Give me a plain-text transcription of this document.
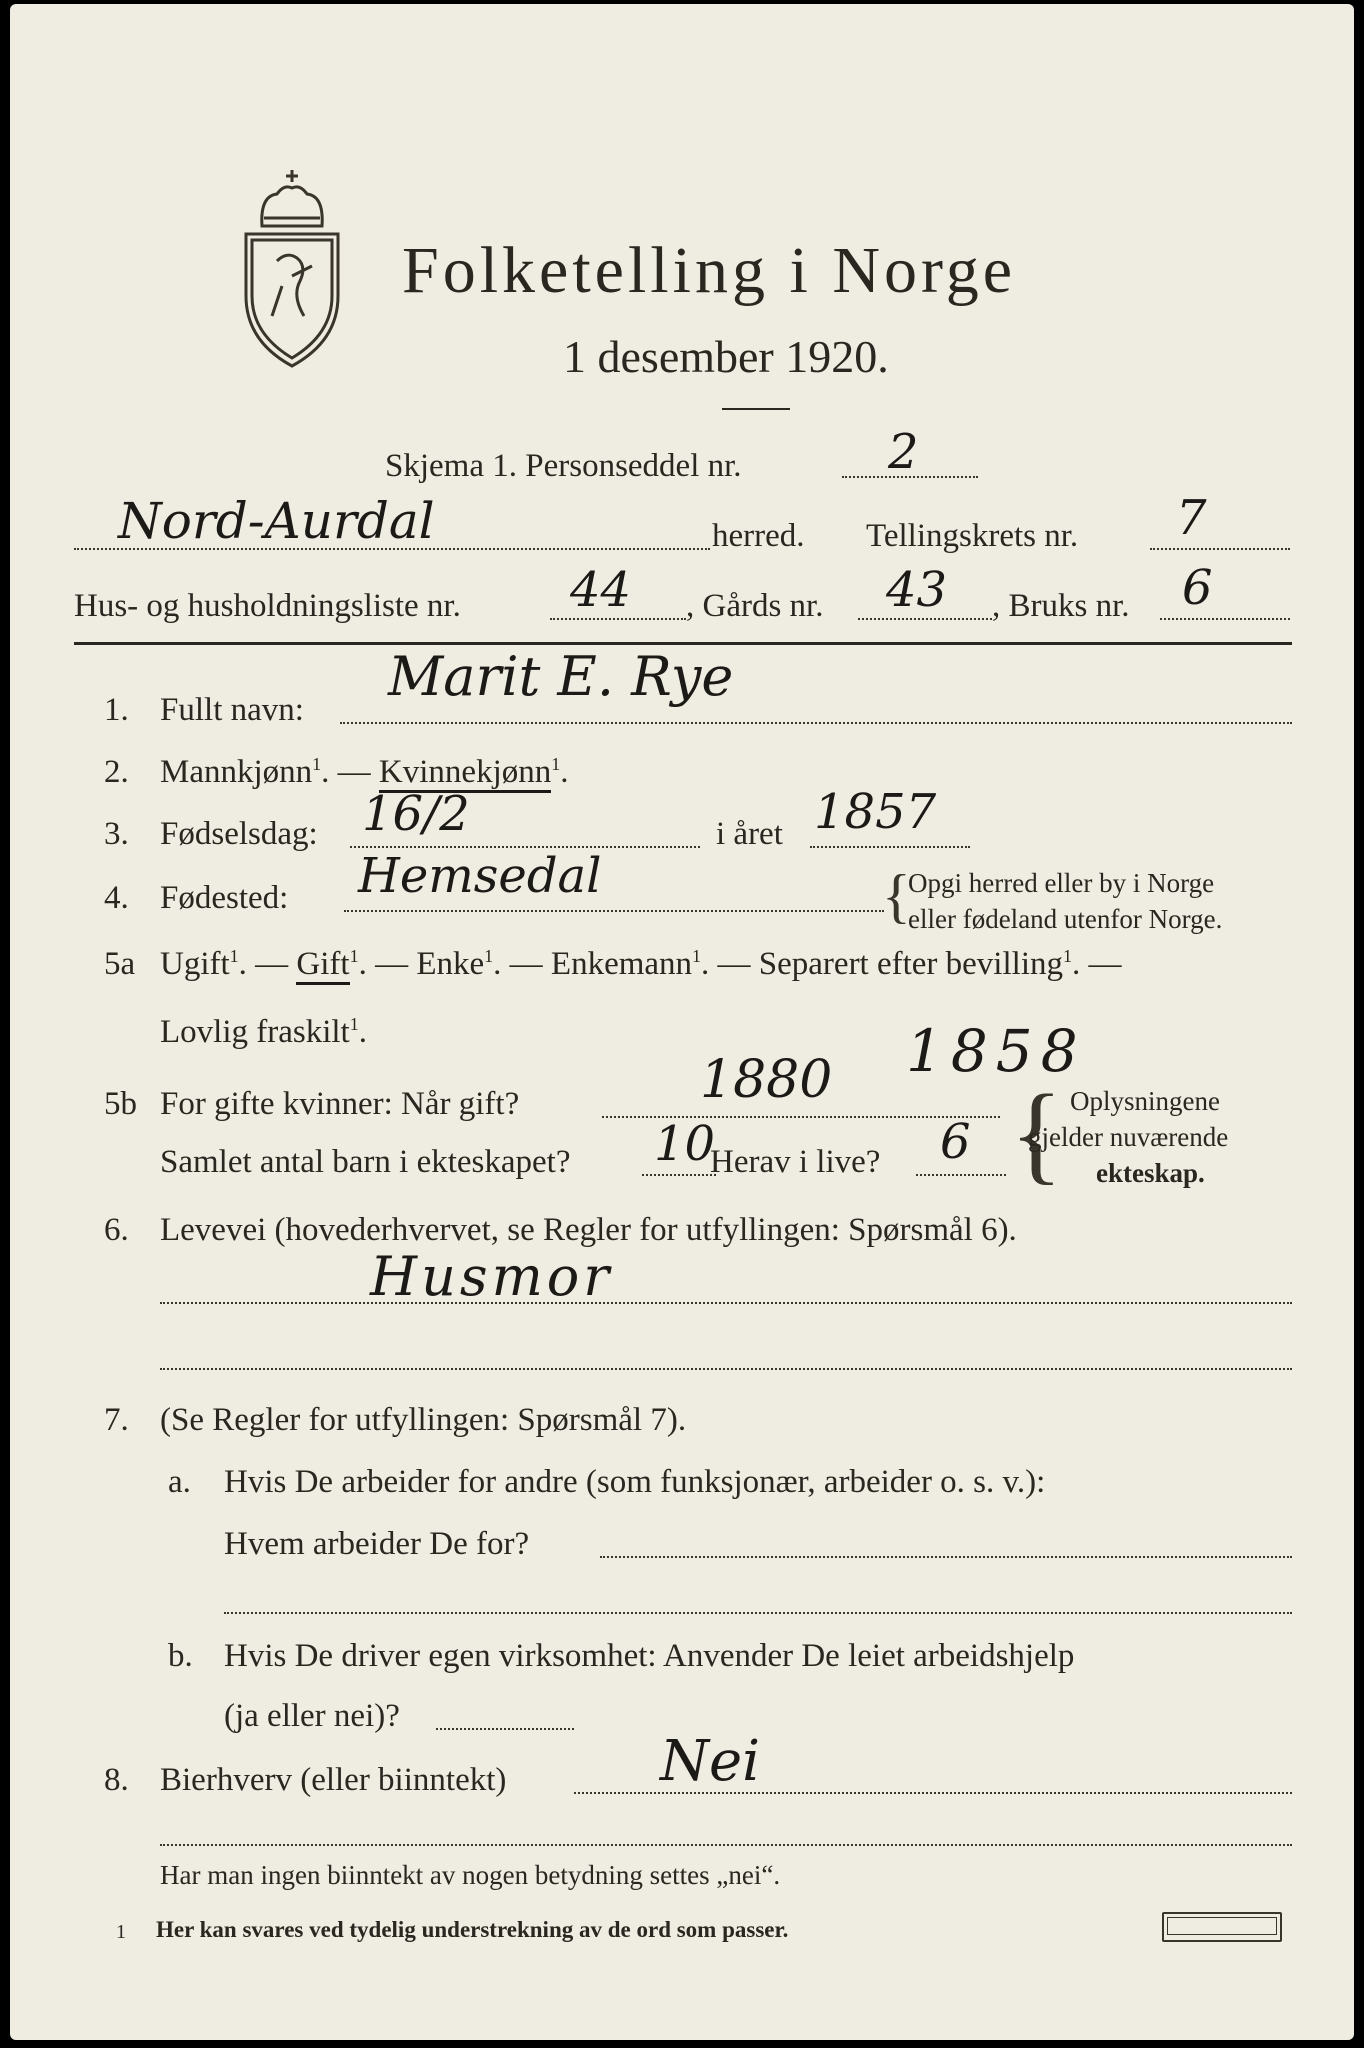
Folketelling i Norge
1 desember 1920.
Skjema 1. Personseddel nr.	2
Nord-Aurdal	herred. Tellingskrets nr. 7
Hus- og husholdningsliste nr. 44 , Gårds nr. 43 , Bruks nr. 6
1. Fullt navn:
Marit E. Rye
2. Mannkjønn$^1$. — Kvinnekjønn$^1$.
3. Fødselsdag: 16/2	i året 1857
4. Fødested: Hemsedal	{
Opgi herred eller by i Norge
eller fødeland utenfor Norge.
5a Ugift$^1$. — Gift$^1$. — Enke$^1$. — Enkemann$^1$. — Separert efter bevilling$^1$. —
Lovlig fraskilt$^1$.
5b For gifte kvinner: Når gift?	1880 1858
Samlet antal barn i ekteskapet? 10
Herav i live? 6 { Oplysningene
gjelder nuværende
ekteskap.
6. Levevei (hovederhvervet, se Regler for utfyllingen: Spørsmål 6).
Husmor
7. (Se Regler for utfyllingen: Spørsmål 7).
a. Hvis De arbeider for andre (som funksjonær, arbeider o. s. v.):
Hvem arbeider De for?
b. Hvis De driver egen virksomhet: Anvender De leiet arbeidshjelp
(ja eller nei)?
8. Bierhverv (eller biinntekt)	Nei
Har man ingen biinntekt av nogen betydning settes „nei“.
1 Her kan svares ved tydelig understrekning av de ord som passer.
